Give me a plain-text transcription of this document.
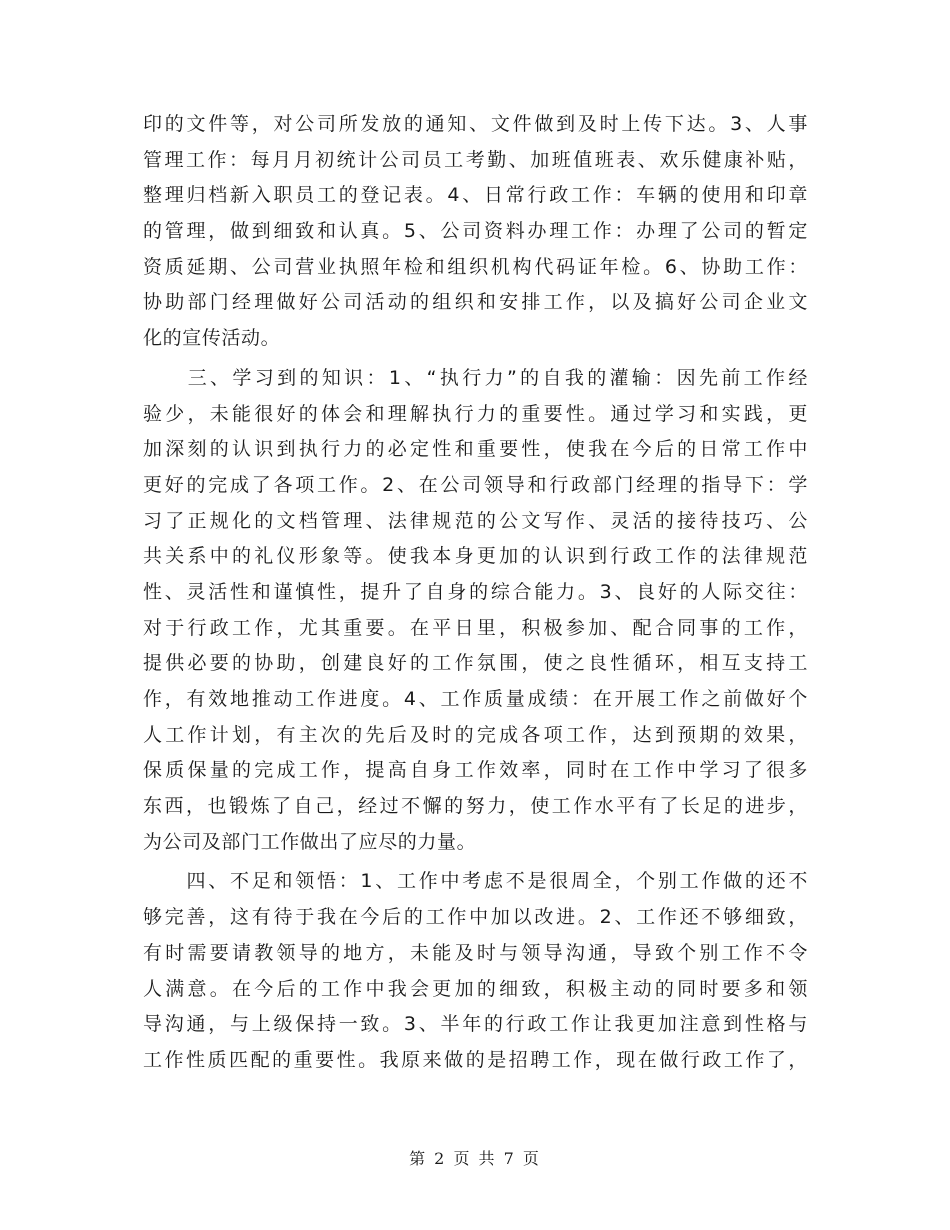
印的文件等，对公司所发放的通知、文件做到及时上传下达。3、人事
管理工作：每月月初统计公司员工考勤、加班值班表、欢乐健康补贴，
整理归档新入职员工的登记表。4、日常行政工作：车辆的使用和印章
的管理，做到细致和认真。5、公司资料办理工作：办理了公司的暂定
资质延期、公司营业执照年检和组织机构代码证年检。6、协助工作：
协助部门经理做好公司活动的组织和安排工作，以及搞好公司企业文
化的宣传活动。
　　三、学习到的知识：1、“执行力”的自我的灌输：因先前工作经
验少，未能很好的体会和理解执行力的重要性。通过学习和实践，更
加深刻的认识到执行力的必定性和重要性，使我在今后的日常工作中
更好的完成了各项工作。2、在公司领导和行政部门经理的指导下：学
习了正规化的文档管理、法律规范的公文写作、灵活的接待技巧、公
共关系中的礼仪形象等。使我本身更加的认识到行政工作的法律规范
性、灵活性和谨慎性，提升了自身的综合能力。3、良好的人际交往：
对于行政工作，尤其重要。在平日里，积极参加、配合同事的工作，
提供必要的协助，创建良好的工作氛围，使之良性循环，相互支持工
作，有效地推动工作进度。4、工作质量成绩：在开展工作之前做好个
人工作计划，有主次的先后及时的完成各项工作，达到预期的效果，
保质保量的完成工作，提高自身工作效率，同时在工作中学习了很多
东西，也锻炼了自己，经过不懈的努力，使工作水平有了长足的进步，
为公司及部门工作做出了应尽的力量。
　　四、不足和领悟：1、工作中考虑不是很周全，个别工作做的还不
够完善，这有待于我在今后的工作中加以改进。2、工作还不够细致，
有时需要请教领导的地方，未能及时与领导沟通，导致个别工作不令
人满意。在今后的工作中我会更加的细致，积极主动的同时要多和领
导沟通，与上级保持一致。3、半年的行政工作让我更加注意到性格与
工作性质匹配的重要性。我原来做的是招聘工作，现在做行政工作了，
第 2 页 共 7 页
